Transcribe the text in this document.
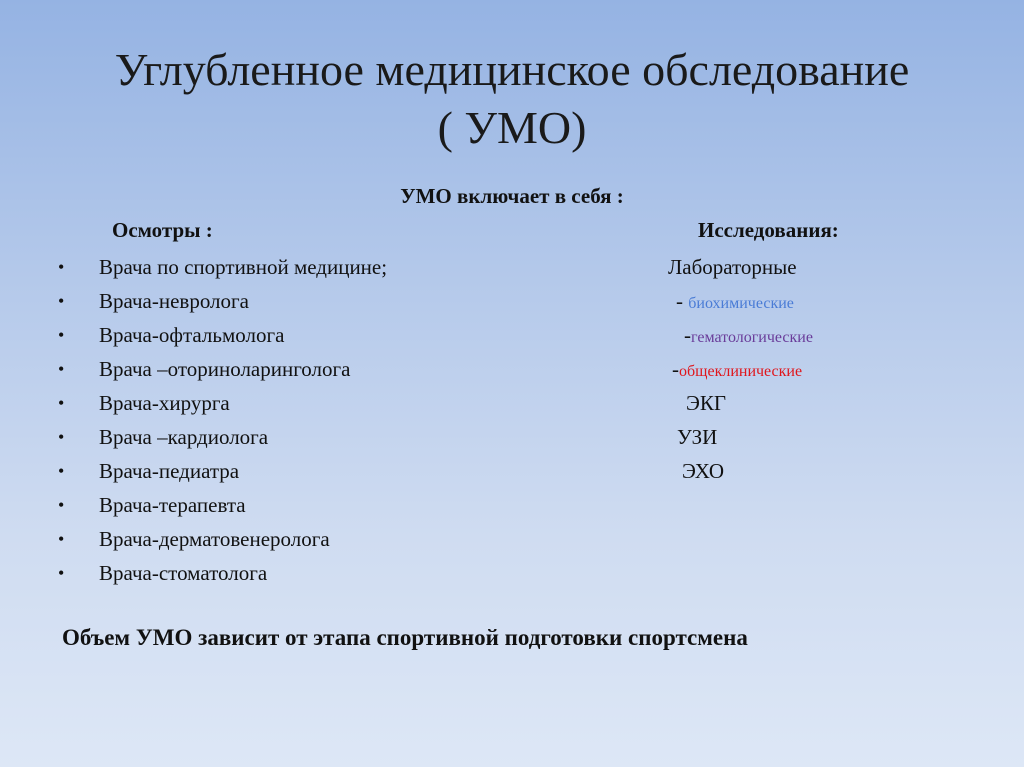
Углубленное медицинское обследование
( УМО)
УМО включает в себя :
Осмотры :	Исследования:
• Врача по спортивной медицине;
• Врача-невролога
• Врача-офтальмолога
• Врача –оториноларинголога
• Врача-хирурга
• Врача –кардиолога
• Врача-педиатра
• Врача-терапевта
• Врача-дерматовенеролога
• Врача-стоматолога
Лабораторные
- биохимические
-гематологические
-общеклинические
ЭКГ
УЗИ
ЭХО
Объем УМО зависит от этапа спортивной подготовки спортсмена
